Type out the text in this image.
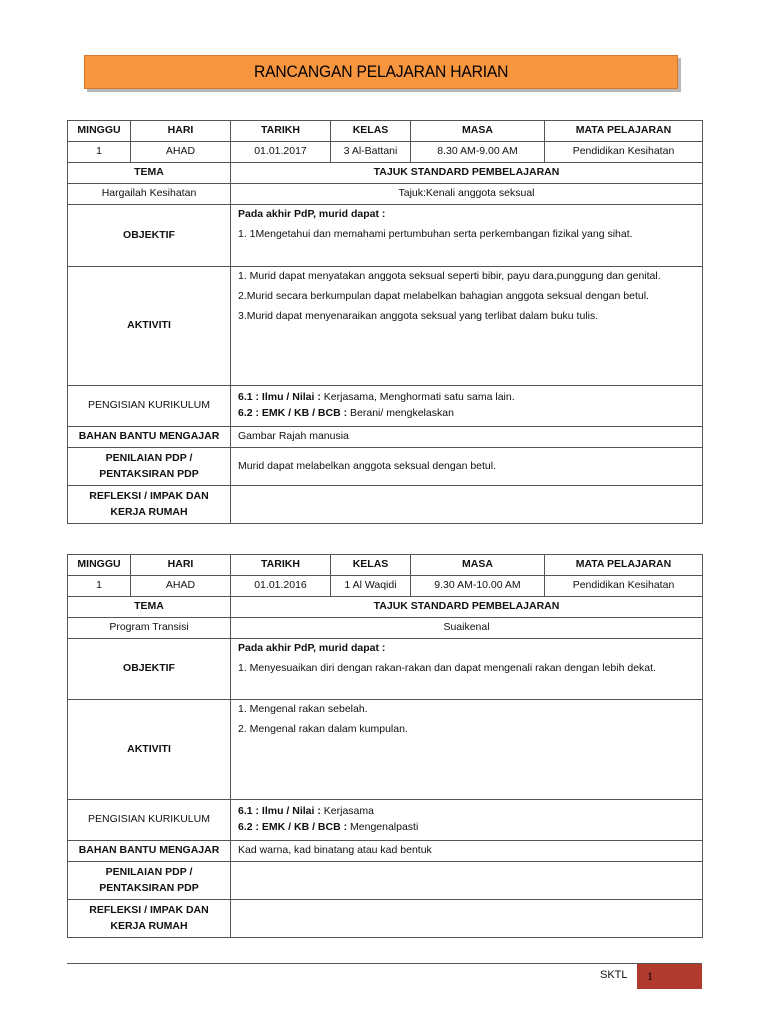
RANCANGAN PELAJARAN HARIAN
MINGGU	HARI	TARIKH	KELAS	MASA	MATA PELAJARAN
1	AHAD	01.01.2017	3 Al-Battani	8.30 AM-9.00 AM	Pendidikan Kesihatan
TEMA		TAJUK STANDARD PEMBELAJARAN			
Hargailah Kesihatan		Tajuk:Kenali anggota seksual			
OBJEKTIF		Pada akhir PdP, murid dapat :

1. 1Mengetahui dan memahami pertumbuhan serta perkembangan fizikal yang sihat.			

AKTIVITI		1. Murid dapat menyatakan anggota seksual seperti bibir, payu dara,punggung dan genital.

2.Murid secara berkumpulan dapat melabelkan bahagian anggota seksual dengan betul.

3.Murid dapat menyenaraikan anggota seksual yang terlibat dalam buku tulis.			

PENGISIAN KURIKULUM		6.1 : Ilmu / Nilai : Kerjasama, Menghormati satu sama lain.
6.2 : EMK / KB / BCB : Berani/ mengkelaskan			

BAHAN BANTU MENGAJAR		Gambar Rajah manusia			

PENILAIAN PDP /
PENTAKSIRAN PDP		Murid dapat melabelkan anggota seksual dengan betul.			

REFLEKSI / IMPAK DAN
KERJA RUMAH					

MINGGU	HARI	TARIKH	KELAS	MASA	MATA PELAJARAN
1	AHAD	01.01.2016	1 Al Waqidi	9.30 AM-10.00 AM	Pendidikan Kesihatan
TEMA		TAJUK STANDARD PEMBELAJARAN			
Program Transisi		Suaikenal			
OBJEKTIF		Pada akhir PdP, murid dapat :

1. Menyesuaikan diri dengan rakan-rakan dan dapat mengenali rakan dengan lebih dekat.			

AKTIVITI		1. Mengenal rakan sebelah.

2. Mengenal rakan dalam kumpulan.			

PENGISIAN KURIKULUM		6.1 : Ilmu / Nilai : Kerjasama
6.2 : EMK / KB / BCB : Mengenalpasti			

BAHAN BANTU MENGAJAR		Kad warna, kad binatang atau kad bentuk			

PENILAIAN PDP /
PENTAKSIRAN PDP					

REFLEKSI / IMPAK DAN
KERJA RUMAH					

SKTL	1
